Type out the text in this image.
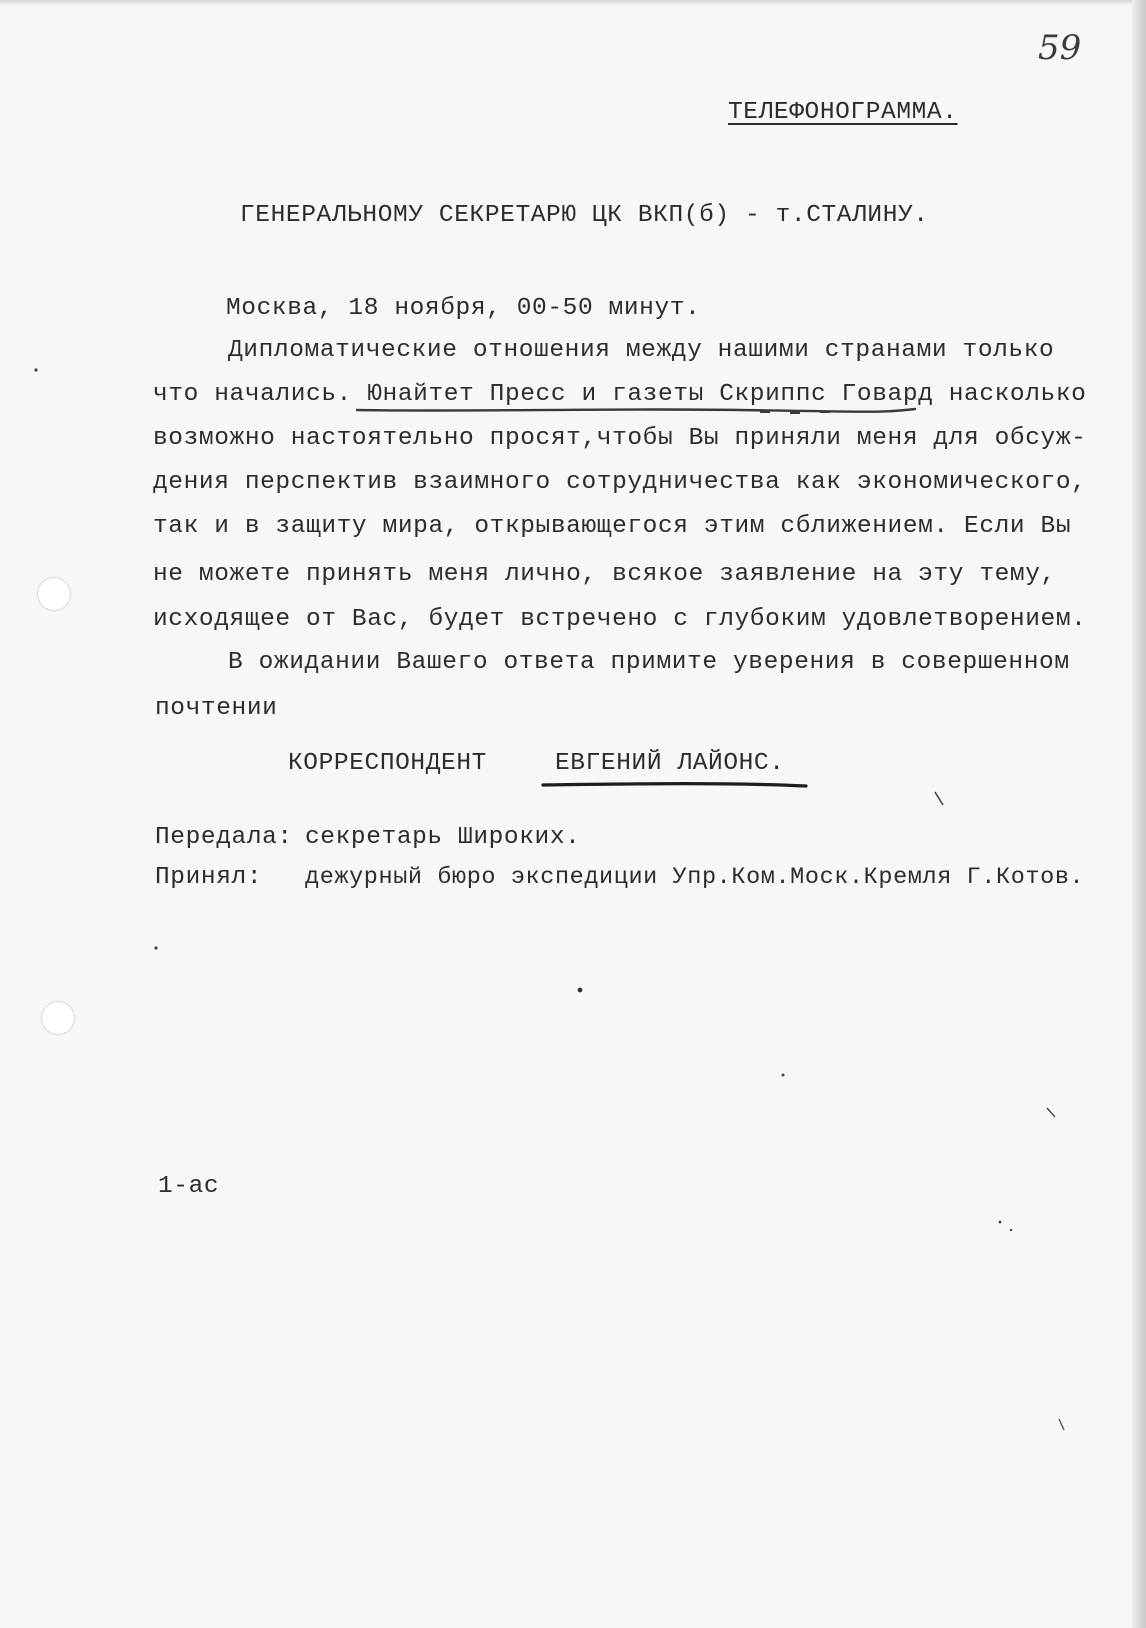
59
ТЕЛЕФОНОГРАММА.
ГЕНЕРАЛЬНОМУ СЕКРЕТАРЮ ЦК ВКП(б) - т.СТАЛИНУ.
Москва, 18 ноября, 00-50 минут.
Дипломатические отношения между нашими странами только
что начались. Юнайтет Пресс и газеты Скриппс Говард насколько
возможно настоятельно просят,чтобы Вы приняли меня для обсуж-
дения перспектив взаимного сотрудничества как экономического,
так и в защиту мира, открывающегося этим сближением. Если Вы
не можете принять меня лично, всякое заявление на эту тему,
исходящее от Вас, будет встречено с глубоким удовлетворением.
В ожидании Вашего ответа примите уверения в совершенном
почтении
КОРРЕСПОНДЕНТ	ЕВГЕНИЙ ЛАЙОНС.
Передала: секретарь Широких.
Принял: дежурный бюро экспедиции Упр.Ком.Моск.Кремля Г.Котов.
1-ас
